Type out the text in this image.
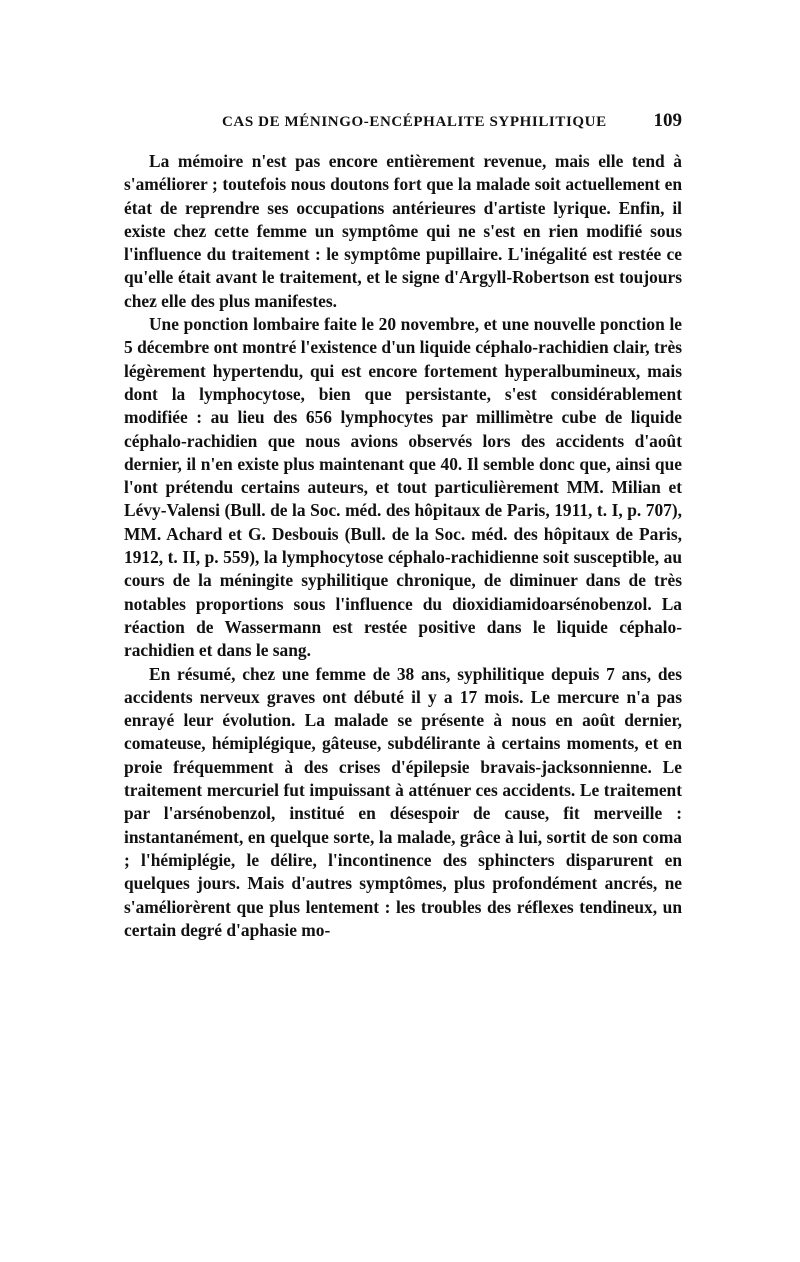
CAS DE MÉNINGO-ENCÉPHALITE SYPHILITIQUE 109

La mémoire n'est pas encore entièrement revenue, mais elle tend à s'améliorer ; toutefois nous doutons fort que la malade soit actuellement en état de reprendre ses occupations antérieures d'artiste lyrique. Enfin, il existe chez cette femme un symptôme qui ne s'est en rien modifié sous l'influence du traitement : le symptôme pupillaire. L'inégalité est restée ce qu'elle était avant le traitement, et le signe d'Argyll-Robertson est toujours chez elle des plus manifestes.

Une ponction lombaire faite le 20 novembre, et une nouvelle ponction le 5 décembre ont montré l'existence d'un liquide céphalo-rachidien clair, très légèrement hypertendu, qui est encore fortement hyperalbumineux, mais dont la lymphocytose, bien que persistante, s'est considérablement modifiée : au lieu des 656 lymphocytes par millimètre cube de liquide céphalo-rachidien que nous avions observés lors des accidents d'août dernier, il n'en existe plus maintenant que 40. Il semble donc que, ainsi que l'ont prétendu certains auteurs, et tout particulièrement MM. Milian et Lévy-Valensi (Bull. de la Soc. méd. des hôpitaux de Paris, 1911, t. I, p. 707), MM. Achard et G. Desbouis (Bull. de la Soc. méd. des hôpitaux de Paris, 1912, t. II, p. 559), la lymphocytose céphalo-rachidienne soit susceptible, au cours de la méningite syphilitique chronique, de diminuer dans de très notables proportions sous l'influence du dioxidiamidoarsénobenzol. La réaction de Wassermann est restée positive dans le liquide céphalo-rachidien et dans le sang.

En résumé, chez une femme de 38 ans, syphilitique depuis 7 ans, des accidents nerveux graves ont débuté il y a 17 mois. Le mercure n'a pas enrayé leur évolution. La malade se présente à nous en août dernier, comateuse, hémiplégique, gâteuse, subdélirante à certains moments, et en proie fréquemment à des crises d'épilepsie bravais-jacksonnienne. Le traitement mercuriel fut impuissant à atténuer ces accidents. Le traitement par l'arsénobenzol, institué en désespoir de cause, fit merveille : instantanément, en quelque sorte, la malade, grâce à lui, sortit de son coma ; l'hémiplégie, le délire, l'incontinence des sphincters disparurent en quelques jours. Mais d'autres symptômes, plus profondément ancrés, ne s'améliorèrent que plus lentement : les troubles des réflexes tendineux, un certain degré d'aphasie mo-
